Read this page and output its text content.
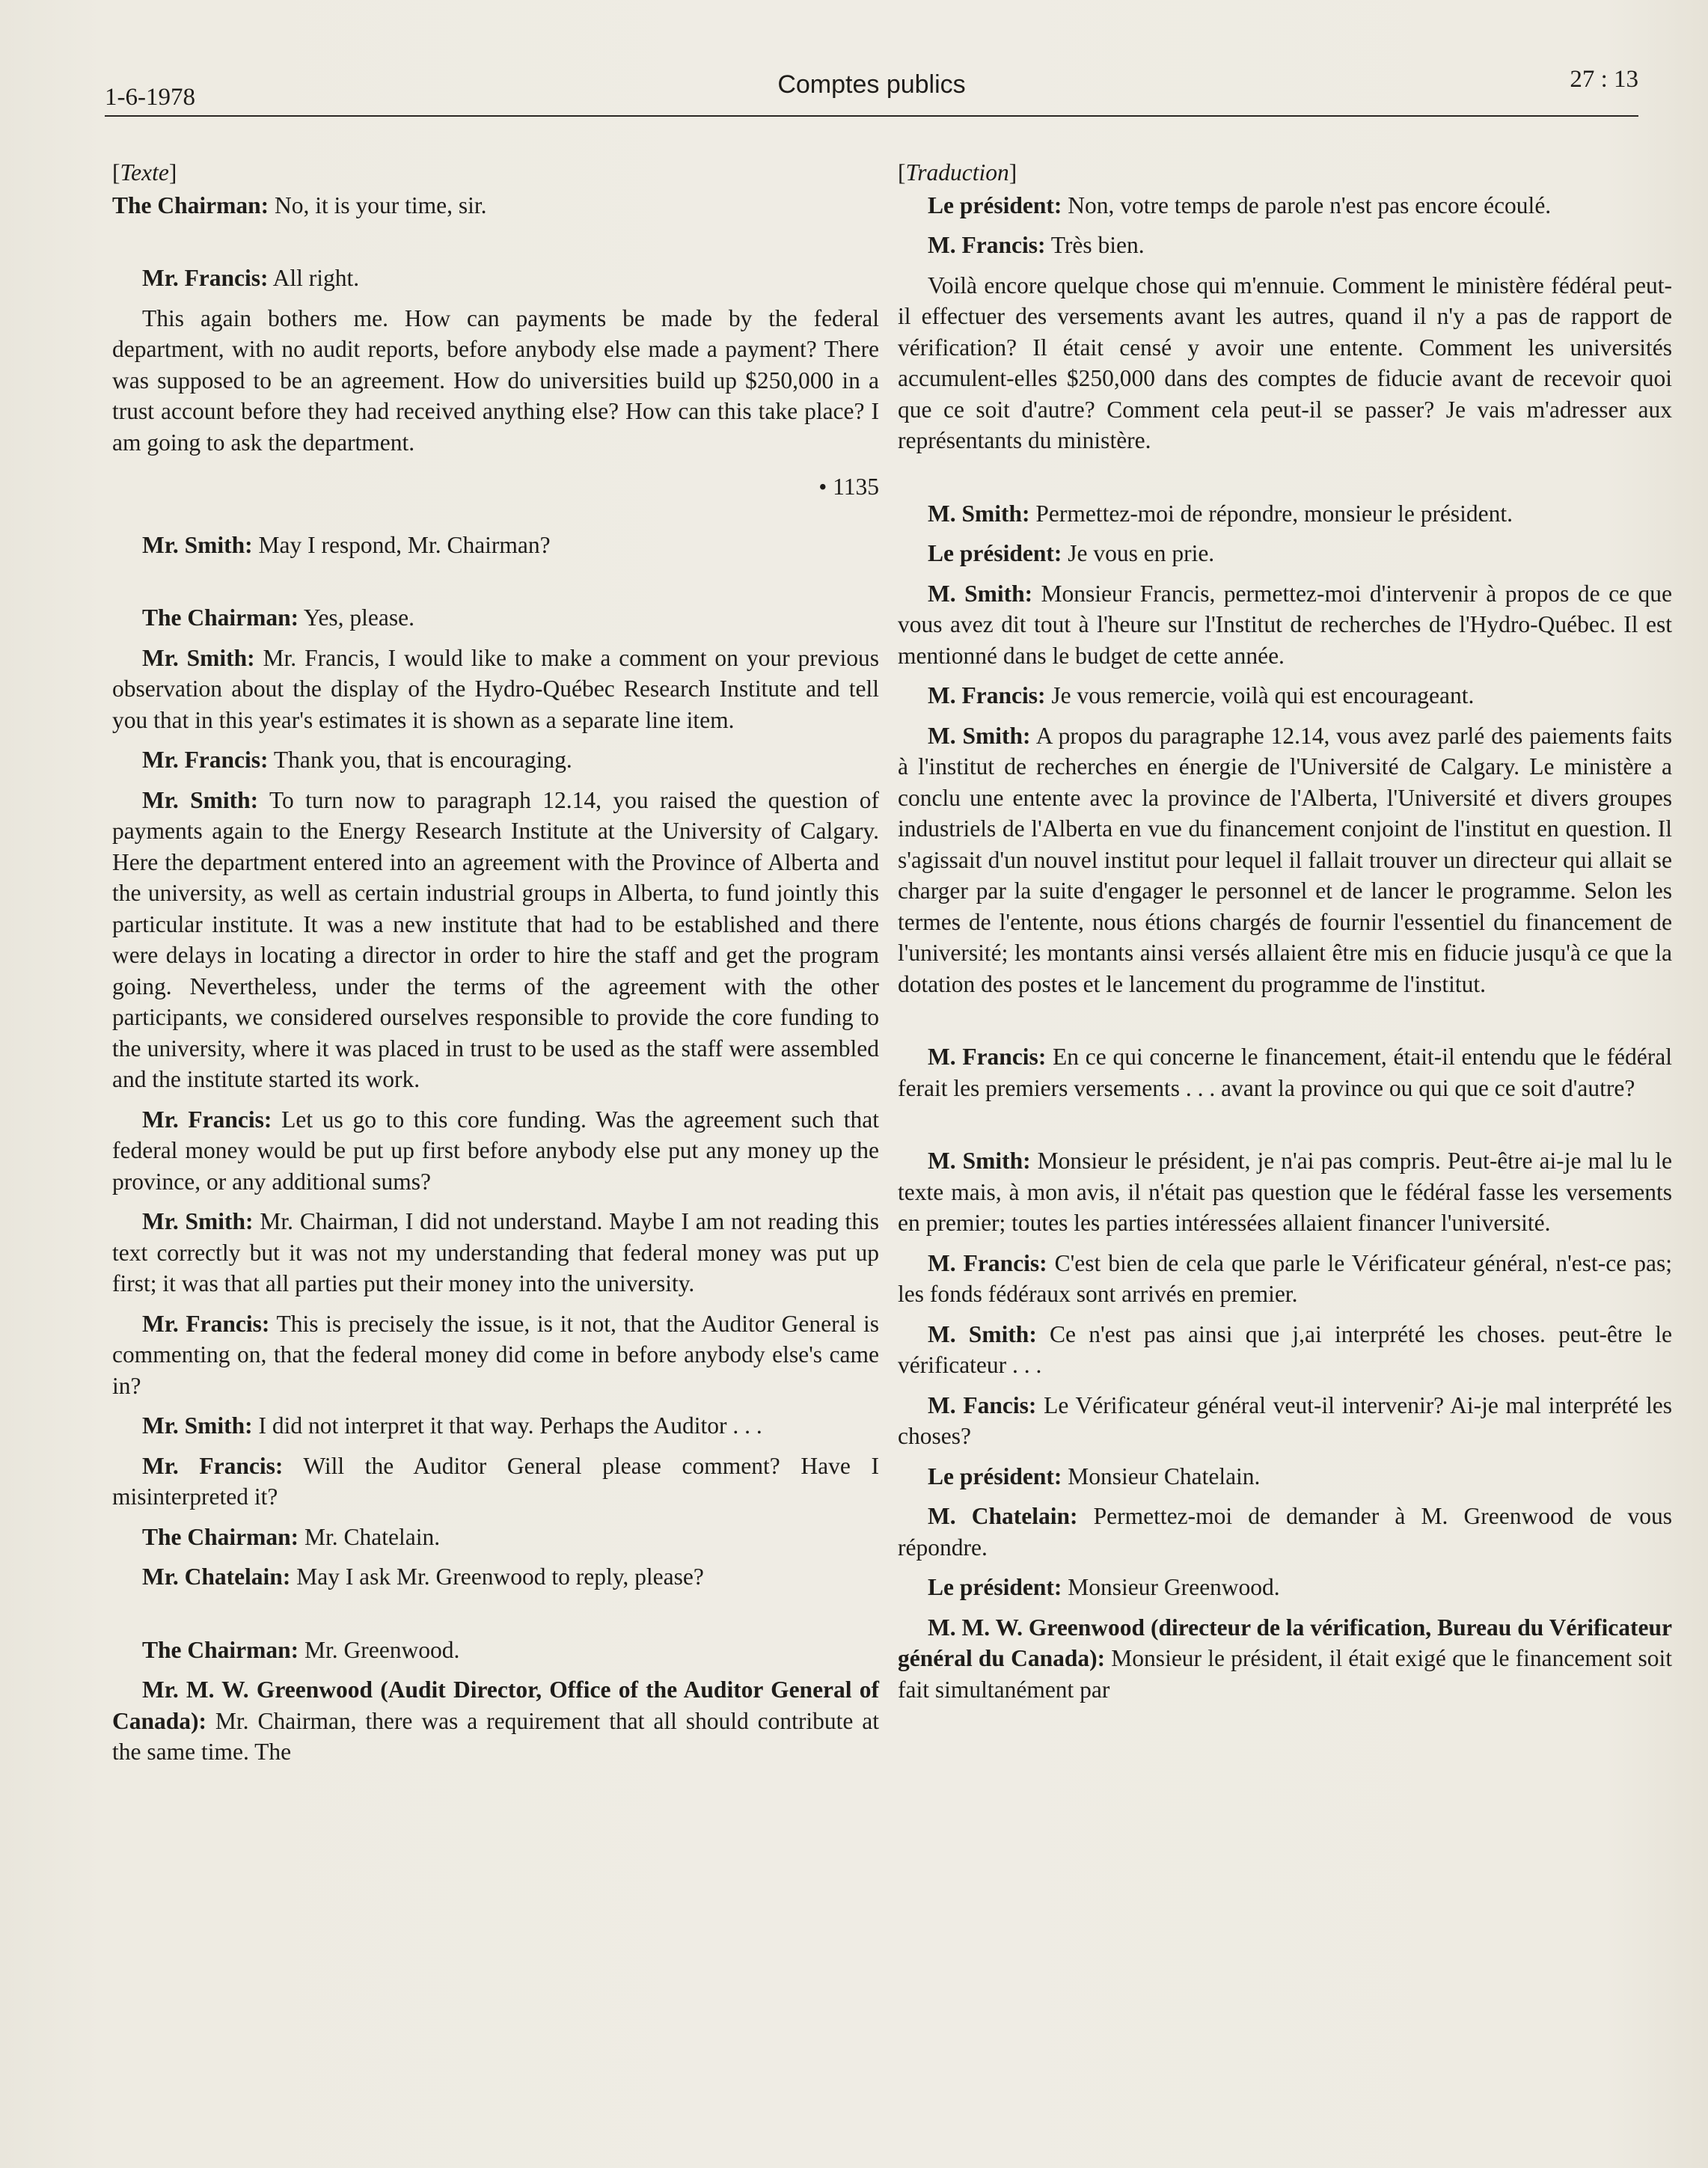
1-6-1978	Comptes publics	27 : 13

[Texte]

The Chairman: No, it is your time, sir.

Mr. Francis: All right.

This again bothers me. How can payments be made by the federal department, with no audit reports, before anybody else made a payment? There was supposed to be an agreement. How do universities build up $250,000 in a trust account before they had received anything else? How can this take place? I am going to ask the department.

• 1135

Mr. Smith: May I respond, Mr. Chairman?

The Chairman: Yes, please.

Mr. Smith: Mr. Francis, I would like to make a comment on your previous observation about the display of the Hydro-Québec Research Institute and tell you that in this year's estimates it is shown as a separate line item.

Mr. Francis: Thank you, that is encouraging.

Mr. Smith: To turn now to paragraph 12.14, you raised the question of payments again to the Energy Research Institute at the University of Calgary. Here the department entered into an agreement with the Province of Alberta and the university, as well as certain industrial groups in Alberta, to fund jointly this particular institute. It was a new institute that had to be established and there were delays in locating a director in order to hire the staff and get the program going. Nevertheless, under the terms of the agreement with the other participants, we considered ourselves responsible to provide the core funding to the university, where it was placed in trust to be used as the staff were assembled and the institute started its work.

Mr. Francis: Let us go to this core funding. Was the agreement such that federal money would be put up first before anybody else put any money up the province, or any additional sums?

Mr. Smith: Mr. Chairman, I did not understand. Maybe I am not reading this text correctly but it was not my understanding that federal money was put up first; it was that all parties put their money into the university.

Mr. Francis: This is precisely the issue, is it not, that the Auditor General is commenting on, that the federal money did come in before anybody else's came in?

Mr. Smith: I did not interpret it that way. Perhaps the Auditor . . .

Mr. Francis: Will the Auditor General please comment? Have I misinterpreted it?

The Chairman: Mr. Chatelain.

Mr. Chatelain: May I ask Mr. Greenwood to reply, please?

The Chairman: Mr. Greenwood.

Mr. M. W. Greenwood (Audit Director, Office of the Auditor General of Canada): Mr. Chairman, there was a requirement that all should contribute at the same time. The

[Traduction]

Le président: Non, votre temps de parole n'est pas encore écoulé.

M. Francis: Très bien.

Voilà encore quelque chose qui m'ennuie. Comment le ministère fédéral peut-il effectuer des versements avant les autres, quand il n'y a pas de rapport de vérification? Il était censé y avoir une entente. Comment les universités accumulent-elles $250,000 dans des comptes de fiducie avant de recevoir quoi que ce soit d'autre? Comment cela peut-il se passer? Je vais m'adresser aux représentants du ministère.

M. Smith: Permettez-moi de répondre, monsieur le président.

Le président: Je vous en prie.

M. Smith: Monsieur Francis, permettez-moi d'intervenir à propos de ce que vous avez dit tout à l'heure sur l'Institut de recherches de l'Hydro-Québec. Il est mentionné dans le budget de cette année.

M. Francis: Je vous remercie, voilà qui est encourageant.

M. Smith: A propos du paragraphe 12.14, vous avez parlé des paiements faits à l'institut de recherches en énergie de l'Université de Calgary. Le ministère a conclu une entente avec la province de l'Alberta, l'Université et divers groupes industriels de l'Alberta en vue du financement conjoint de l'institut en question. Il s'agissait d'un nouvel institut pour lequel il fallait trouver un directeur qui allait se charger par la suite d'engager le personnel et de lancer le programme. Selon les termes de l'entente, nous étions chargés de fournir l'essentiel du financement de l'université; les montants ainsi versés allaient être mis en fiducie jusqu'à ce que la dotation des postes et le lancement du programme de l'institut.

M. Francis: En ce qui concerne le financement, était-il entendu que le fédéral ferait les premiers versements . . . avant la province ou qui que ce soit d'autre?

M. Smith: Monsieur le président, je n'ai pas compris. Peut-être ai-je mal lu le texte mais, à mon avis, il n'était pas question que le fédéral fasse les versements en premier; toutes les parties intéressées allaient financer l'université.

M. Francis: C'est bien de cela que parle le Vérificateur général, n'est-ce pas; les fonds fédéraux sont arrivés en premier.

M. Smith: Ce n'est pas ainsi que j,ai interprété les choses. peut-être le vérificateur . . .

M. Fancis: Le Vérificateur général veut-il intervenir? Ai-je mal interprété les choses?

Le président: Monsieur Chatelain.

M. Chatelain: Permettez-moi de demander à M. Greenwood de vous répondre.

Le président: Monsieur Greenwood.

M. M. W. Greenwood (directeur de la vérification, Bureau du Vérificateur général du Canada): Monsieur le président, il était exigé que le financement soit fait simultanément par
